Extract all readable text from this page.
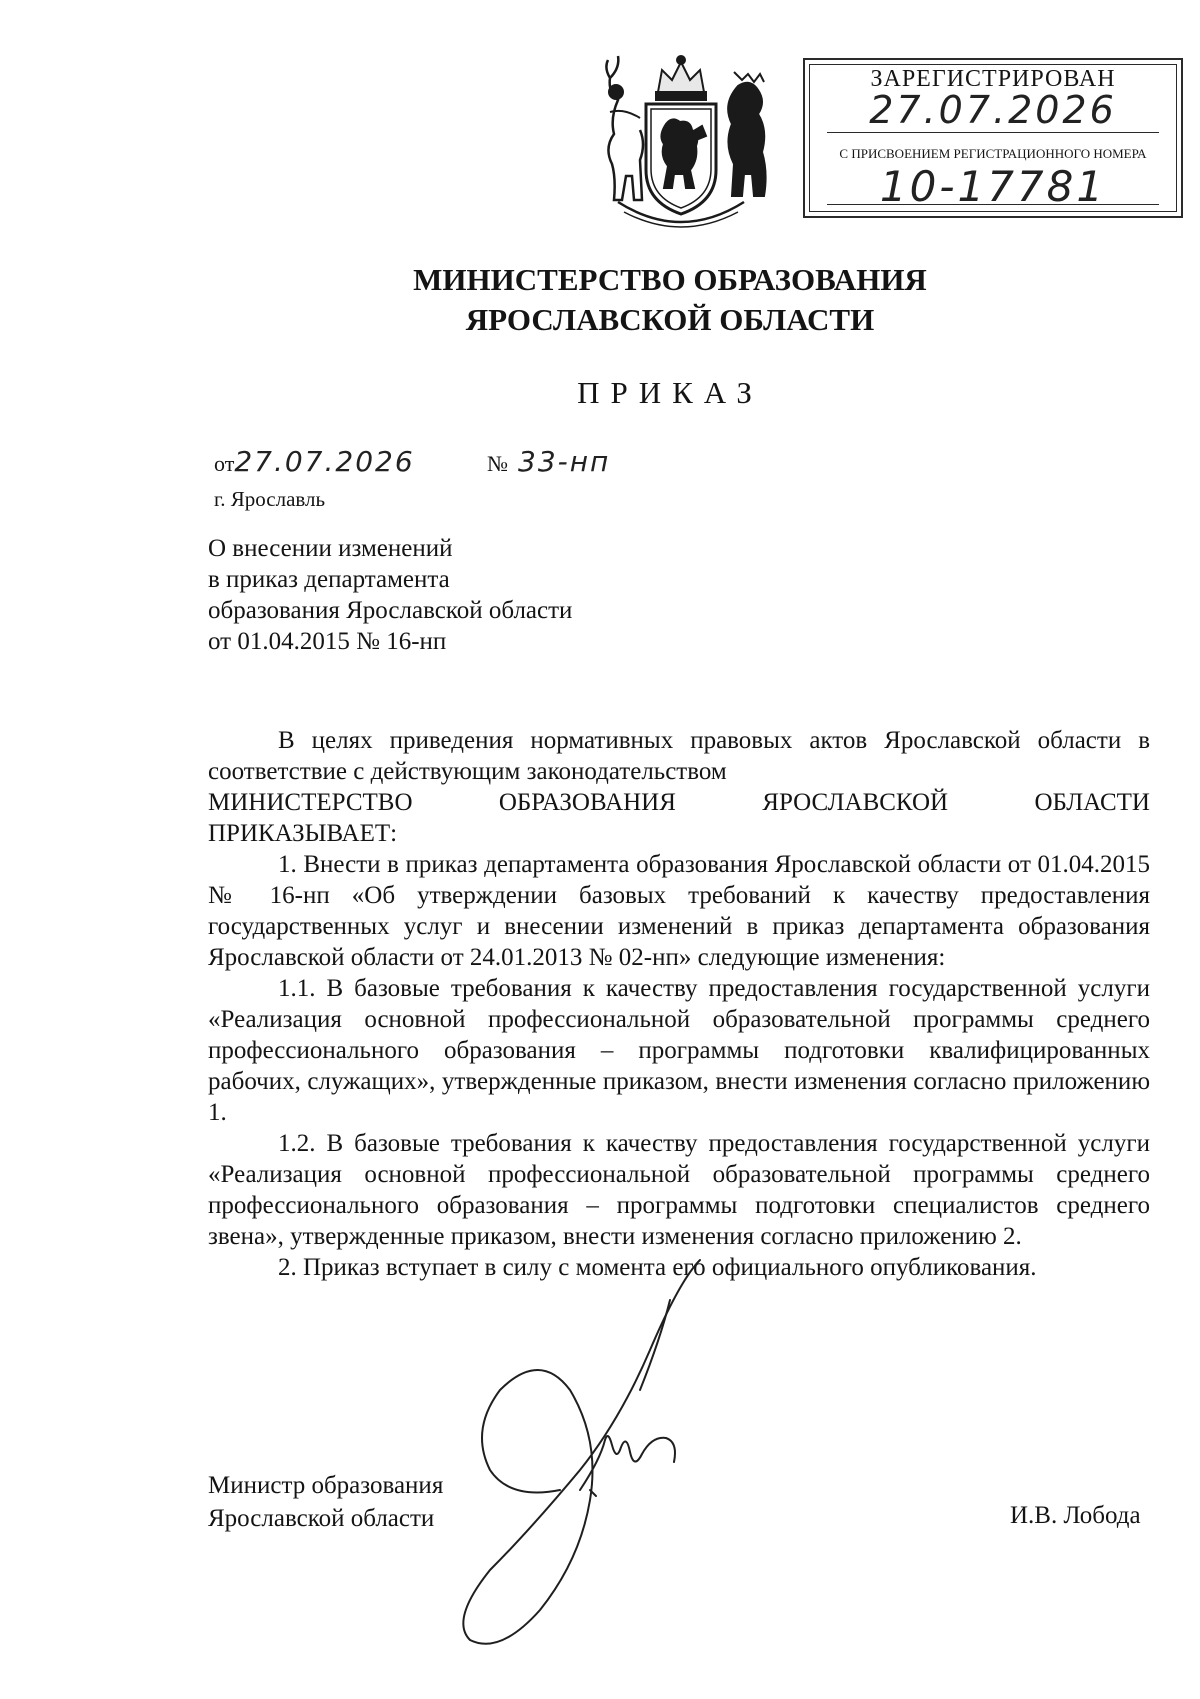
ЗАРЕГИСТРИРОВАН
27.07.2026
С ПРИСВОЕНИЕМ РЕГИСТРАЦИОННОГО НОМЕРА
10-17781
МИНИСТЕРСТВО ОБРАЗОВАНИЯ
ЯРОСЛАВСКОЙ ОБЛАСТИ
ПРИКАЗ
от27.07.2026	№ 33-нп
г. Ярославль
О внесении изменений
в приказ департамента
образования Ярославской области
от 01.04.2015 № 16-нп

В целях приведения нормативных правовых актов Ярославской области в соответствие с действующим законодательством

МИНИСТЕРСТВО	ОБРАЗОВАНИЯ	ЯРОСЛАВСКОЙ	ОБЛАСТИ

ПРИКАЗЫВАЕТ:

1. Внести в приказ департамента образования Ярославской области от 01.04.2015 № 16-нп «Об утверждении базовых требований к качеству предоставления государственных услуг и внесении изменений в приказ департамента образования Ярославской области от 24.01.2013 № 02-нп» следующие изменения:

1.1. В базовые требования к качеству предоставления государственной услуги «Реализация основной профессиональной образовательной программы среднего профессионального образования – программы подготовки квалифицированных рабочих, служащих», утвержденные приказом, внести изменения согласно приложению 1.

1.2. В базовые требования к качеству предоставления государственной услуги «Реализация основной профессиональной образовательной программы среднего профессионального образования – программы подготовки специалистов среднего звена», утвержденные приказом, внести изменения согласно приложению 2.

2. Приказ вступает в силу с момента его официального опубликования.

Министр образования
Ярославской области	И.В. Лобода
